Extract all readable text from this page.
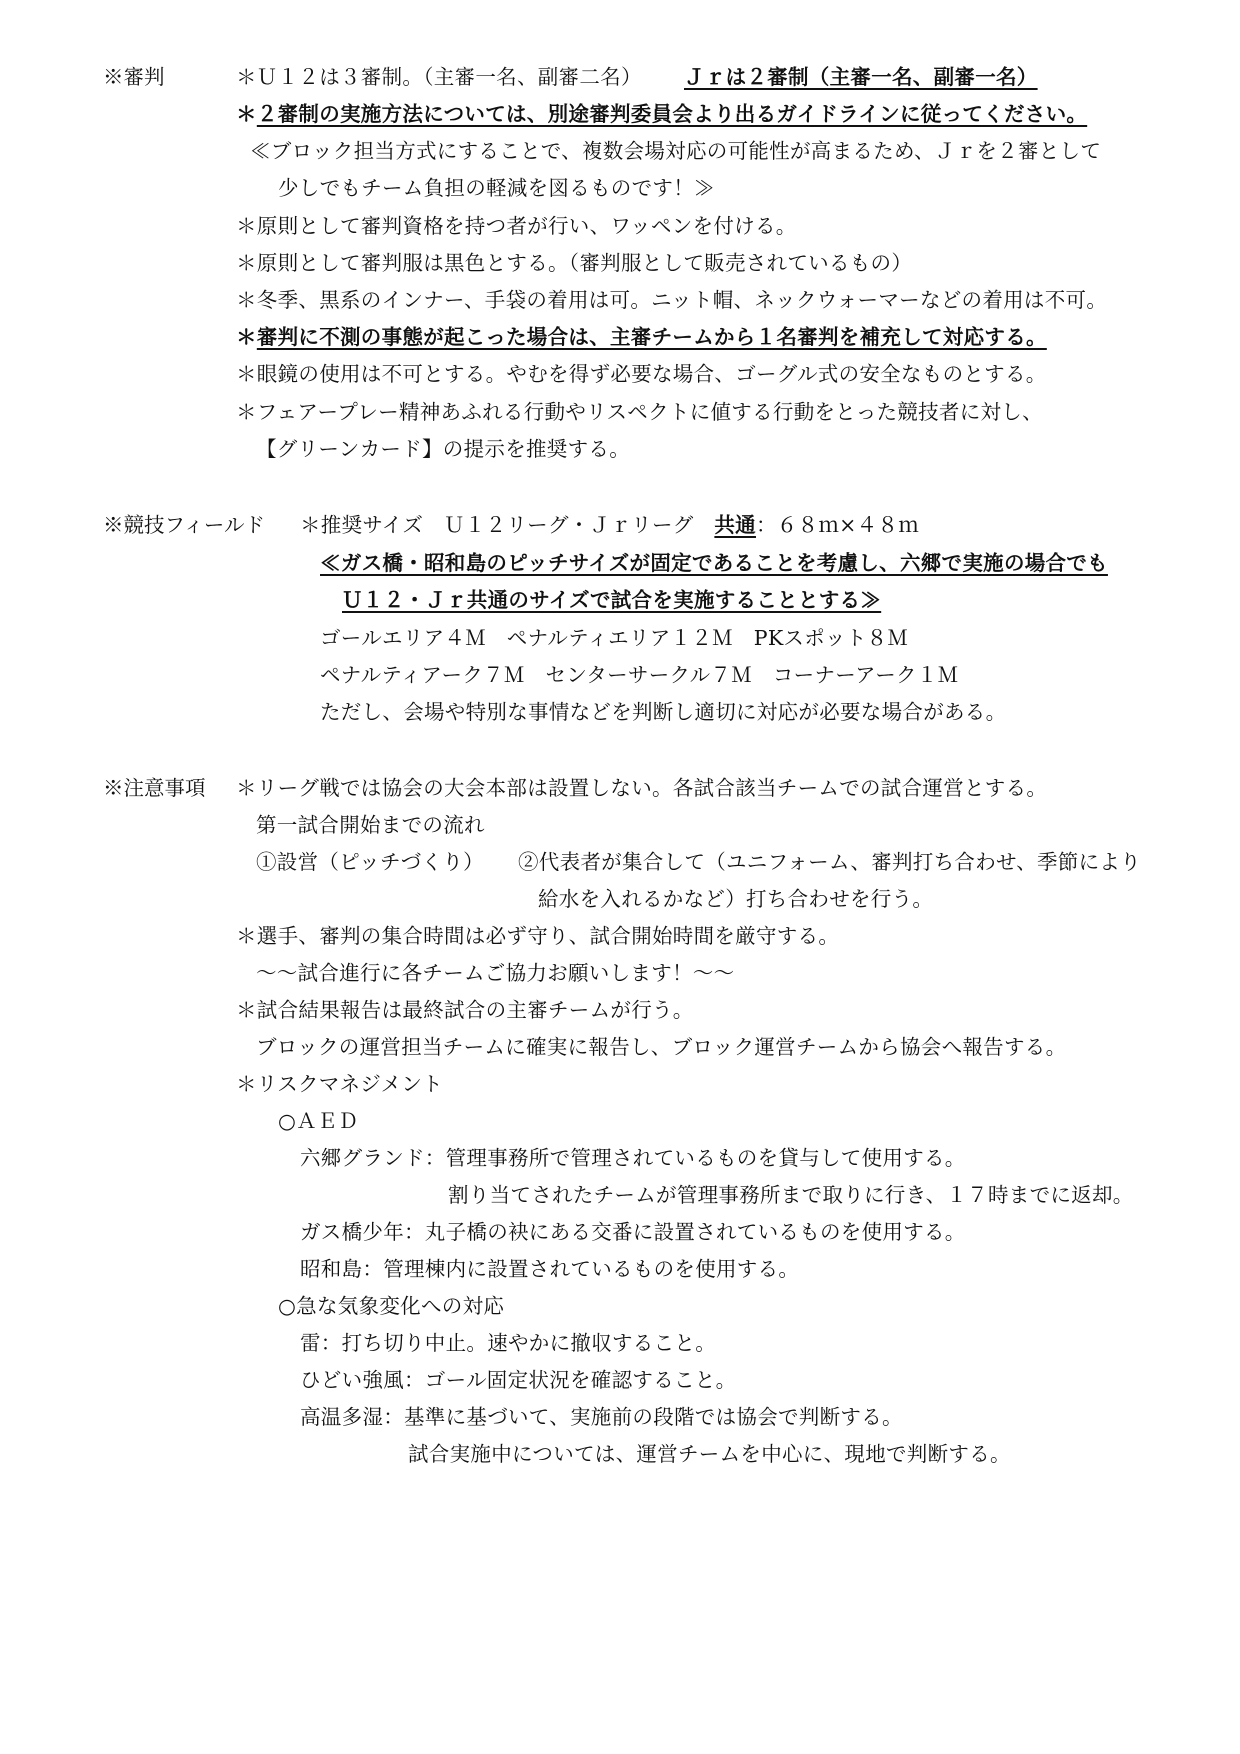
※審判	＊Ｕ１２は３審制。（主審一名、副審二名） Ｊｒは２審制（主審一名、副審一名）
＊２審制の実施方法については、別途審判委員会より出るガイドラインに従ってください。
≪ブロック担当方式にすることで、複数会場対応の可能性が高まるため、Ｊｒを２審として
少しでもチーム負担の軽減を図るものです！≫
＊原則として審判資格を持つ者が行い、ワッペンを付ける。
＊原則として審判服は黒色とする。（審判服として販売されているもの）
＊冬季、黒系のインナー、手袋の着用は可。ニット帽、ネックウォーマーなどの着用は不可。
＊審判に不測の事態が起こった場合は、主審チームから１名審判を補充して対応する。
＊眼鏡の使用は不可とする。やむを得ず必要な場合、ゴーグル式の安全なものとする。
＊フェアープレー精神あふれる行動やリスペクトに値する行動をとった競技者に対し、
【グリーンカード】の提示を推奨する。
※競技フィールド ＊推奨サイズ　Ｕ１２リーグ・Ｊｒリーグ　 共通：６８ｍ×４８ｍ
≪ガス橋・昭和島のピッチサイズが固定であることを考慮し、六郷で実施の場合でも
Ｕ１２・Ｊｒ共通のサイズで試合を実施することとする≫
ゴールエリア４Ｍ　ペナルティエリア１２Ｍ　PKスポット８Ｍ
ペナルティアーク７Ｍ　センターサークル７Ｍ　コーナーアーク１Ｍ
ただし、会場や特別な事情などを判断し適切に対応が必要な場合がある。
※注意事項 ＊リーグ戦では協会の大会本部は設置しない。各試合該当チームでの試合運営とする。
第一試合開始までの流れ
①設営（ピッチづくり） ②代表者が集合して（ユニフォーム、審判打ち合わせ、季節により
給水を入れるかなど）打ち合わせを行う。
＊選手、審判の集合時間は必ず守り、試合開始時間を厳守する。
～～試合進行に各チームご協力お願いします！～～
＊試合結果報告は最終試合の主審チームが行う。
ブロックの運営担当チームに確実に報告し、ブロック運営チームから協会へ報告する。
＊リスクマネジメント
○ＡＥＤ
六郷グランド：管理事務所で管理されているものを貸与して使用する。
割り当てされたチームが管理事務所まで取りに行き、１７時までに返却。
ガス橋少年：丸子橋の袂にある交番に設置されているものを使用する。
昭和島：管理棟内に設置されているものを使用する。
○急な気象変化への対応
雷：打ち切り中止。速やかに撤収すること。
ひどい強風：ゴール固定状況を確認すること。
高温多湿：基準に基づいて、実施前の段階では協会で判断する。
試合実施中については、運営チームを中心に、現地で判断する。
